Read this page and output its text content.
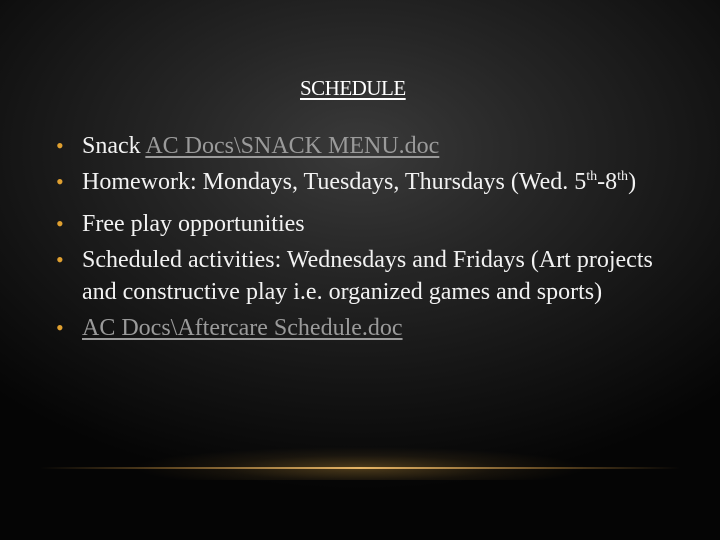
SCHEDULE
• Snack AC Docs\SNACK MENU.doc
• Homework: Mondays, Tuesdays, Thursdays (Wed. 5th-8th)
• Free play opportunities
• Scheduled activities: Wednesdays and Fridays (Art projects and constructive play i.e. organized games and sports)
• AC Docs\Aftercare Schedule.doc
